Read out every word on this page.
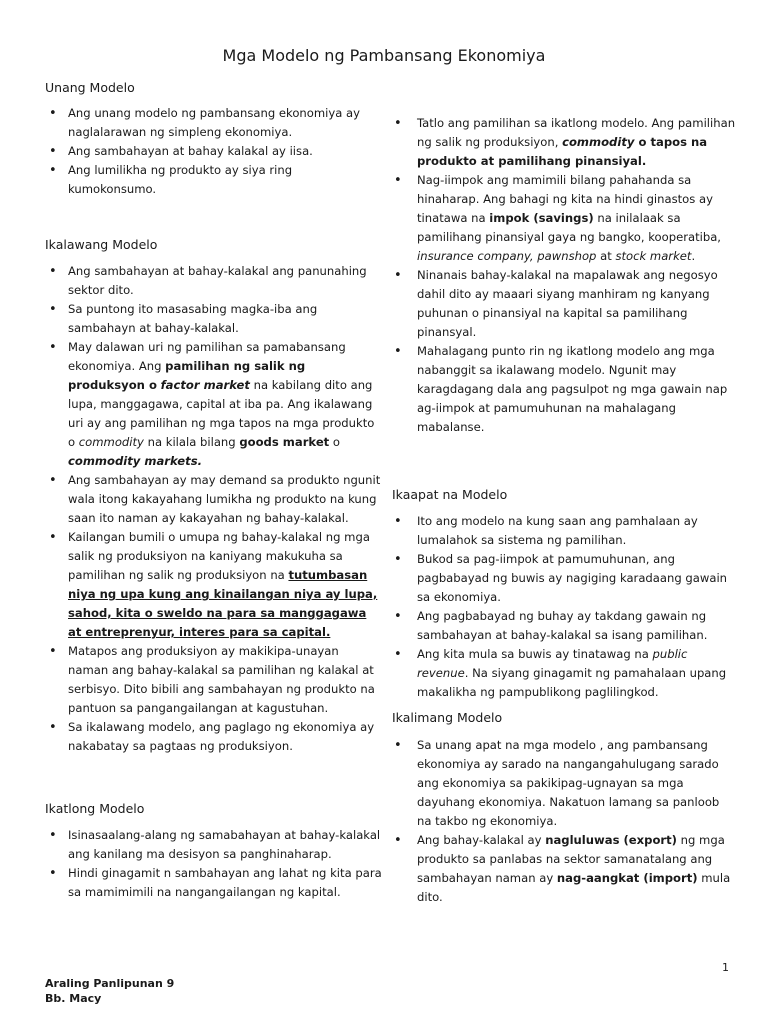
Mga Modelo ng Pambansang Ekonomiya
Unang Modelo
• Ang unang modelo ng pambansang ekonomiya ay naglalarawan ng simpleng ekonomiya.
• Ang sambahayan at bahay kalakal ay iisa.
• Ang lumilikha ng produkto ay siya ring kumokonsumo.
Ikalawang Modelo
• Ang sambahayan at bahay-kalakal ang panunahing sektor dito.
• Sa puntong ito masasabing magka-iba ang sambahayn at bahay-kalakal.
• May dalawan uri ng pamilihan sa pamabansang ekonomiya. Ang pamilihan ng salik ng produksyon o factor market na kabilang dito ang lupa, manggagawa, capital at iba pa. Ang ikalawang uri ay ang pamilihan ng mga tapos na mga produkto o commodity na kilala bilang goods market o commodity markets.
• Ang sambahayan ay may demand sa produkto ngunit wala itong kakayahang lumikha ng produkto na kung saan ito naman ay kakayahan ng bahay-kalakal.
• Kailangan bumili o umupa ng bahay-kalakal ng mga salik ng produksiyon na kaniyang makukuha sa pamilihan ng salik ng produksiyon na tutumbasan niya ng upa kung ang kinailangan niya ay lupa, sahod, kita o sweldo na para sa manggagawa at entreprenyur, interes para sa capital.
• Matapos ang produksiyon ay makikipa-unayan naman ang bahay-kalakal sa pamilihan ng kalakal at serbisyo. Dito bibili ang sambahayan ng produkto na pantuon sa pangangailangan at kagustuhan.
• Sa ikalawang modelo, ang paglago ng ekonomiya ay nakabatay sa pagtaas ng produksiyon.
Ikatlong Modelo
• Isinasaalang-alang ng samabahayan at bahay-kalakal ang kanilang ma desisyon sa panghinaharap.
• Hindi ginagamit n sambahayan ang lahat ng kita para sa mamimimili na nangangailangan ng kapital.
• Tatlo ang pamilihan sa ikatlong modelo. Ang pamilihan ng salik ng produksiyon, commodity o tapos na produkto at pamilihang pinansiyal.
• Nag-iimpok ang mamimili bilang pahahanda sa hinaharap. Ang bahagi ng kita na hindi ginastos ay tinatawa na impok (savings) na inilalaak sa pamilihang pinansiyal gaya ng bangko, kooperatiba, insurance company, pawnshop at stock market.
• Ninanais bahay-kalakal na mapalawak ang negosyo dahil dito ay maaari siyang manhiram ng kanyang puhunan o pinansiyal na kapital sa pamilihang pinansyal.
• Mahalagang punto rin ng ikatlong modelo ang mga nabanggit sa ikalawang modelo. Ngunit may karagdagang dala ang pagsulpot ng mga gawain nap ag-iimpok at pamumuhunan na mahalagang mabalanse.
Ikaapat na Modelo
• Ito ang modelo na kung saan ang pamhalaan ay lumalahok sa sistema ng pamilihan.
• Bukod sa pag-iimpok at pamumuhunan, ang pagbabayad ng buwis ay nagiging karadaang gawain sa ekonomiya.
• Ang pagbabayad ng buhay ay takdang gawain ng sambahayan at bahay-kalakal sa isang pamilihan.
• Ang kita mula sa buwis ay tinatawag na public revenue. Na siyang ginagamit ng pamahalaan upang makalikha ng pampublikong paglilingkod.
Ikalimang Modelo
• Sa unang apat na mga modelo , ang pambansang ekonomiya ay sarado na nangangahulugang sarado ang ekonomiya sa pakikipag-ugnayan sa mga dayuhang ekonomiya. Nakatuon lamang sa panloob na takbo ng ekonomiya.
• Ang bahay-kalakal ay nagluluwas (export) ng mga produkto sa panlabas na sektor samanatalang ang sambahayan naman ay nag-aangkat (import) mula dito.
1
Araling Panlipunan 9
Bb. Macy
